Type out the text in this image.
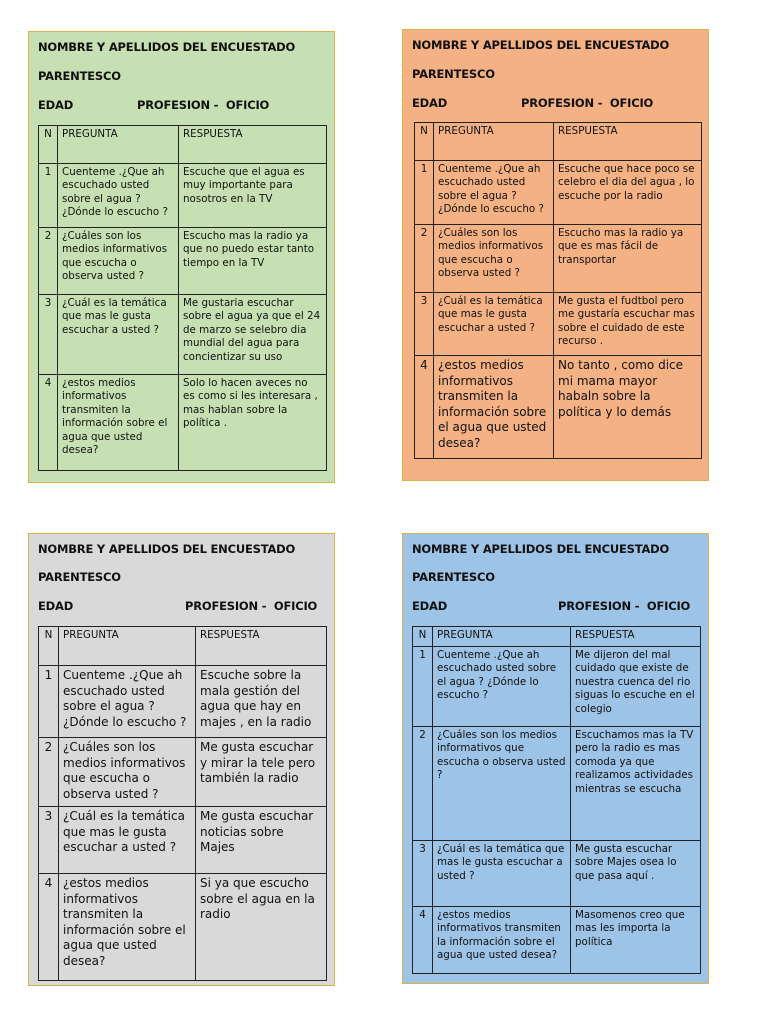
NOMBRE Y APELLIDOS DEL ENCUESTADO
PARENTESCO
EDAD	PROFESION -  OFICIO
N	PREGUNTA	RESPUESTA
1	Cuenteme .¿Que ah escuchado usted sobre el agua ? ¿Dónde lo escucho ?	Escuche que el agua es muy importante para nosotros en la TV
2	¿Cuáles son los medios informativos que escucha o observa usted ?	Escucho mas la radio ya que no puedo estar tanto tiempo en la TV
3	¿Cuál es la temática que mas le gusta escuchar a usted ?	Me gustaria escuchar sobre el agua ya que el 24 de marzo se selebro dia mundial del agua para concientizar su uso
4	¿estos medios informativos transmiten la información sobre el agua que usted desea?	Solo lo hacen aveces no es como si les interesara , mas hablan sobre la política .
NOMBRE Y APELLIDOS DEL ENCUESTADO
PARENTESCO
EDAD	PROFESION -  OFICIO
N	PREGUNTA	RESPUESTA
1	Cuenteme .¿Que ah escuchado usted sobre el agua ? ¿Dónde lo escucho ?	Escuche que hace poco se celebro el dia del agua , lo escuche por la radio
2	¿Cuáles son los medios informativos que escucha o observa usted ?	Escucho mas la radio ya que es mas fácil de transportar
3	¿Cuál es la temática que mas le gusta escuchar a usted ?	Me gusta el fudtbol pero me gustaría escuchar mas sobre el cuidado de este recurso .
4	¿estos medios informativos transmiten la información sobre el agua que usted desea?	No tanto , como dice mi mama mayor habaln sobre la política y lo demás
NOMBRE Y APELLIDOS DEL ENCUESTADO
PARENTESCO
EDAD	PROFESION -  OFICIO
N	PREGUNTA	RESPUESTA
1	Cuenteme .¿Que ah escuchado usted sobre el agua ? ¿Dónde lo escucho ?	Escuche sobre la mala gestión del agua que hay en majes , en la radio
2	¿Cuáles son los medios informativos que escucha o observa usted ?	Me gusta escuchar y mirar la tele pero también la radio
3	¿Cuál es la temática que mas le gusta escuchar a usted ?	Me gusta escuchar noticias sobre Majes
4	¿estos medios informativos transmiten la información sobre el agua que usted desea?	Si ya que escucho sobre el agua en la radio
NOMBRE Y APELLIDOS DEL ENCUESTADO
PARENTESCO
EDAD	PROFESION -  OFICIO
N	PREGUNTA	RESPUESTA
1	Cuenteme .¿Que ah escuchado usted sobre el agua ? ¿Dónde lo escucho ?	Me dijeron del mal cuidado que existe de nuestra cuenca del rio siguas lo escuche en el colegio
2	¿Cuáles son los medios informativos que escucha o observa usted ?	Escuchamos mas la TV pero la radio es mas comoda ya que realizamos actividades mientras se escucha
3	¿Cuál es la temática que mas le gusta escuchar a usted ?	Me gusta escuchar sobre Majes osea lo que pasa aquí .
4	¿estos medios informativos transmiten la información sobre el agua que usted desea?	Masomenos creo que mas les importa la política
